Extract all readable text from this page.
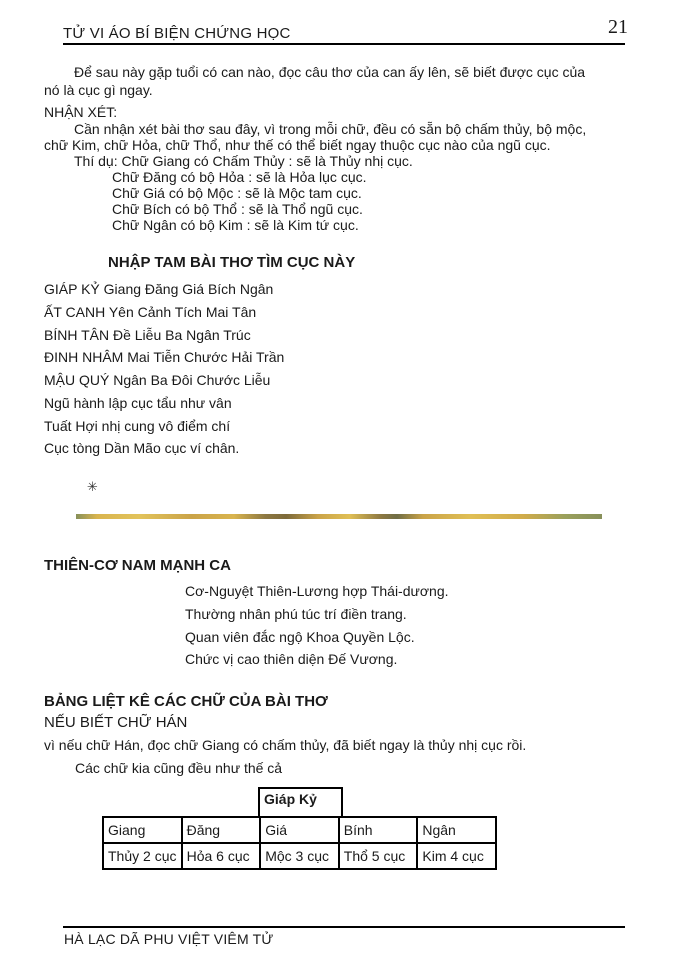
TỬ VI ÁO BÍ BIỆN CHỨNG HỌC	21
Để sau này gặp tuổi có can nào, đọc câu thơ của can ấy lên, sẽ biết được cục của
nó là cục gì ngay.
NHẬN XÉT:
Cần nhận xét bài thơ sau đây, vì trong mỗi chữ, đều có sẵn bộ chấm thủy, bộ mộc,
chữ Kim, chữ Hỏa, chữ Thổ, như thế có thể biết ngay thuộc cục nào của ngũ cục.
Thí dụ: Chữ Giang có Chấm Thủy : sẽ là Thủy nhị cục.
Chữ Đăng có bộ Hỏa : sẽ là Hỏa lục cục.
Chữ Giá có bộ Mộc : sẽ là Mộc tam cục.
Chữ Bích có bộ Thổ : sẽ là Thổ ngũ cục.
Chữ Ngân có bộ Kim : sẽ là Kim tứ cục.
NHẬP TAM BÀI THƠ TÌM CỤC NÀY
GIÁP KỶ Giang Đăng Giá Bích Ngân
ẤT CANH Yên Cảnh Tích Mai Tân
BÍNH TÂN Đề Liễu Ba Ngân Trúc
ĐINH NHÂM Mai Tiễn Chước Hải Trần
MẬU QUÝ Ngân Ba Đôi Chước Liễu
Ngũ hành lập cục tẩu như vân
Tuất Hợi nhị cung vô điểm chí
Cục tòng Dần Mão cục ví chân.
✳
THIÊN-CƠ NAM MẠNH CA
Cơ-Nguyệt Thiên-Lương hợp Thái-dương.
Thường nhân phú túc trí điền trang.
Quan viên đắc ngộ Khoa Quyền Lộc.
Chức vị cao thiên diện Đế Vương.
BẢNG LIỆT KÊ CÁC CHỮ CỦA BÀI THƠ
NẾU BIẾT CHỮ HÁN
vì nếu chữ Hán, đọc chữ Giang có chấm thủy, đã biết ngay là thủy nhị cục rồi.
Các chữ kia cũng đều như thế cả
Giáp Kỷ
Giang	Đăng	Giá	Bính	Ngân
Thủy 2 cục	Hỏa 6 cục	Mộc 3 cục	Thổ 5 cục	Kim 4 cục
HÀ LẠC DÃ PHU VIỆT VIÊM TỬ
